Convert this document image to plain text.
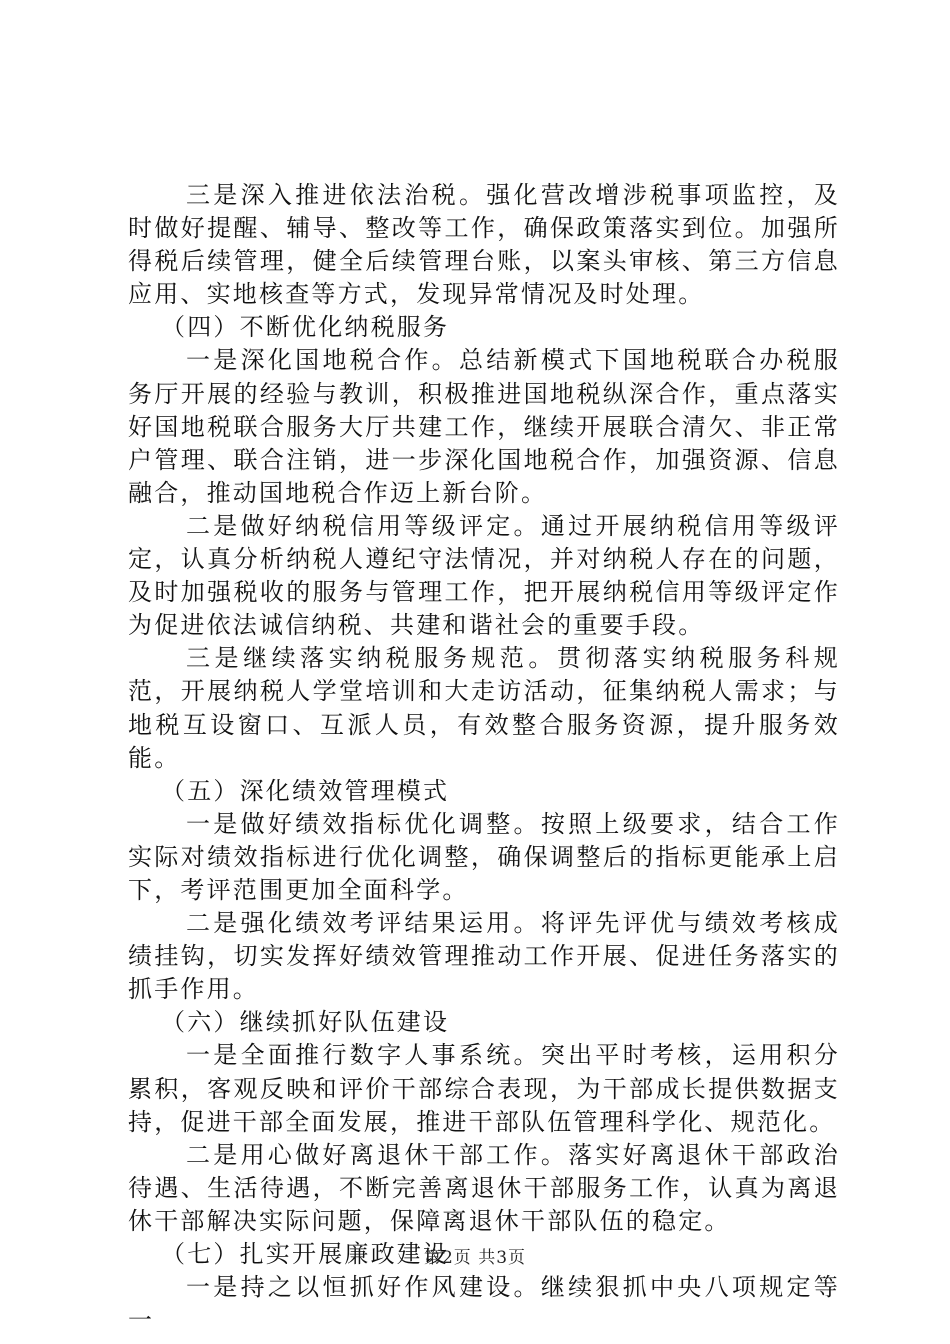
三是深入推进依法治税。强化营改增涉税事项监控，及时做好提醒、辅导、整改等工作，确保政策落实到位。加强所得税后续管理，健全后续管理台账，以案头审核、第三方信息应用、实地核查等方式，发现异常情况及时处理。

（四）不断优化纳税服务

一是深化国地税合作。总结新模式下国地税联合办税服务厅开展的经验与教训，积极推进国地税纵深合作，重点落实好国地税联合服务大厅共建工作，继续开展联合清欠、非正常户管理、联合注销，进一步深化国地税合作，加强资源、信息融合，推动国地税合作迈上新台阶。

二是做好纳税信用等级评定。通过开展纳税信用等级评定，认真分析纳税人遵纪守法情况，并对纳税人存在的问题，及时加强税收的服务与管理工作，把开展纳税信用等级评定作为促进依法诚信纳税、共建和谐社会的重要手段。

三是继续落实纳税服务规范。贯彻落实纳税服务科规范，开展纳税人学堂培训和大走访活动，征集纳税人需求；与地税互设窗口、互派人员，有效整合服务资源，提升服务效能。

（五）深化绩效管理模式

一是做好绩效指标优化调整。按照上级要求，结合工作实际对绩效指标进行优化调整，确保调整后的指标更能承上启下，考评范围更加全面科学。

二是强化绩效考评结果运用。将评先评优与绩效考核成绩挂钩，切实发挥好绩效管理推动工作开展、促进任务落实的抓手作用。

（六）继续抓好队伍建设

一是全面推行数字人事系统。突出平时考核，运用积分累积，客观反映和评价干部综合表现，为干部成长提供数据支持，促进干部全面发展，推进干部队伍管理科学化、规范化。

二是用心做好离退休干部工作。落实好离退休干部政治待遇、生活待遇，不断完善离退休干部服务工作，认真为离退休干部解决实际问题，保障离退休干部队伍的稳定。

（七）扎实开展廉政建设

一是持之以恒抓好作风建设。继续狠抓中央八项规定等一

第2页 共3页
